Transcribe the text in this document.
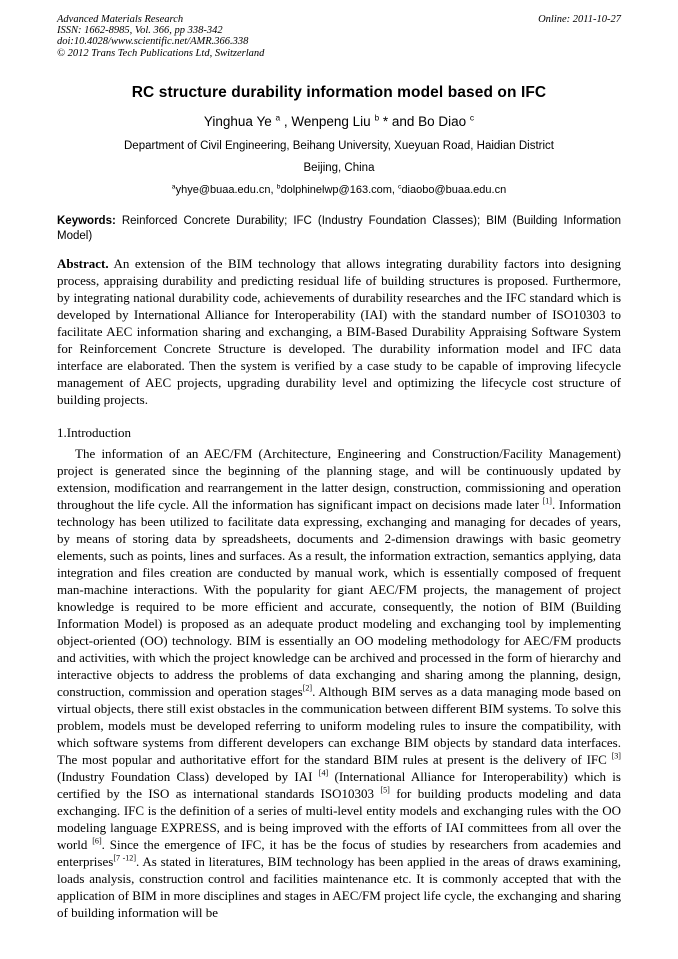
Advanced Materials Research
ISSN: 1662-8985, Vol. 366, pp 338-342
doi:10.4028/www.scientific.net/AMR.366.338
© 2012 Trans Tech Publications Ltd, Switzerland
Online: 2011-10-27
RC structure durability information model based on IFC
Yinghua Ye $^a$ , Wenpeng Liu $^b$ * and Bo Diao $^c$
Department of Civil Engineering, Beihang University, Xueyuan Road, Haidian District
Beijing, China
$^a$yhye@buaa.edu.cn, $^b$dolphinelwp@163.com, $^c$diaobo@buaa.edu.cn

Keywords: Reinforced Concrete Durability; IFC (Industry Foundation Classes); BIM (Building Information Model)

Abstract. An extension of the BIM technology that allows integrating durability factors into designing process, appraising durability and predicting residual life of building structures is proposed. Furthermore, by integrating national durability code, achievements of durability researches and the IFC standard which is developed by International Alliance for Interoperability (IAI) with the standard number of ISO10303 to facilitate AEC information sharing and exchanging, a BIM-Based Durability Appraising Software System for Reinforcement Concrete Structure is developed. The durability information model and IFC data interface are elaborated. Then the system is verified by a case study to be capable of improving lifecycle management of AEC projects, upgrading durability level and optimizing the lifecycle cost structure of building projects.

1.Introduction

The information of an AEC/FM (Architecture, Engineering and Construction/Facility Management) project is generated since the beginning of the planning stage, and will be continuously updated by extension, modification and rearrangement in the latter design, construction, commissioning and operation throughout the life cycle. All the information has significant impact on decisions made later [1]. Information technology has been utilized to facilitate data expressing, exchanging and managing for decades of years, by means of storing data by spreadsheets, documents and 2-dimension drawings with basic geometry elements, such as points, lines and surfaces. As a result, the information extraction, semantics applying, data integration and files creation are conducted by manual work, which is essentially composed of frequent man-machine interactions. With the popularity for giant AEC/FM projects, the management of project knowledge is required to be more efficient and accurate, consequently, the notion of BIM (Building Information Model) is proposed as an adequate product modeling and exchanging tool by implementing object-oriented (OO) technology. BIM is essentially an OO modeling methodology for AEC/FM products and activities, with which the project knowledge can be archived and processed in the form of hierarchy and interactive objects to address the problems of data exchanging and sharing among the planning, design, construction, commission and operation stages[2]. Although BIM serves as a data managing mode based on virtual objects, there still exist obstacles in the communication between different BIM systems. To solve this problem, models must be developed referring to uniform modeling rules to insure the compatibility, with which software systems from different developers can exchange BIM objects by standard data interfaces. The most popular and authoritative effort for the standard BIM rules at present is the delivery of IFC [3] (Industry Foundation Class) developed by IAI [4] (International Alliance for Interoperability) which is certified by the ISO as international standards ISO10303 [5] for building products modeling and data exchanging. IFC is the definition of a series of multi-level entity models and exchanging rules with the OO modeling language EXPRESS, and is being improved with the efforts of IAI committees from all over the world [6]. Since the emergence of IFC, it has be the focus of studies by researchers from academies and enterprises[7 -12]. As stated in literatures, BIM technology has been applied in the areas of draws examining, loads analysis, construction control and facilities maintenance etc. It is commonly accepted that with the application of BIM in more disciplines and stages in AEC/FM project life cycle, the exchanging and sharing of building information will be
